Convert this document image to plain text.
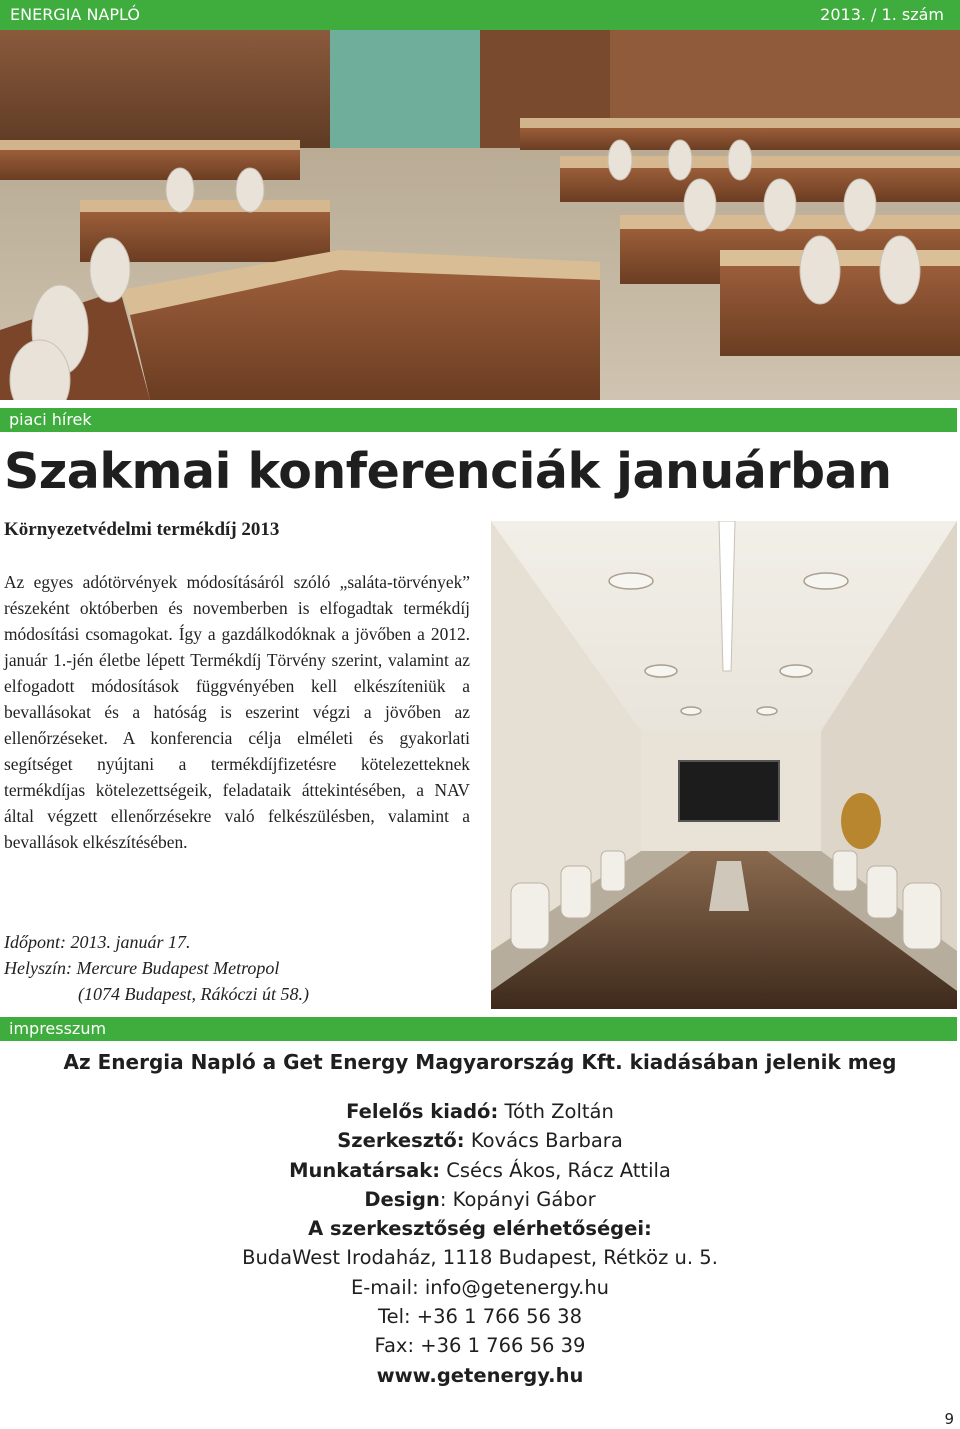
ENERGIA NAPLÓ	2013. / 1. szám
piaci hírek
Szakmai konferenciák januárban
Környezetvédelmi termékdíj 2013

Az egyes adótörvények módosításáról szóló „saláta-törvények” részeként októberben és novemberben is elfogadtak termékdíj módosítási csomagokat. Így a gazdálkodóknak a jövőben a 2012. január 1.-jén életbe lépett Termékdíj Törvény szerint, valamint az elfogadott módosítások függvényében kell elkészíteniük a bevallásokat és a hatóság is eszerint végzi a jövőben az ellenőrzéseket. A konferencia célja elméleti és gyakorlati segítséget nyújtani a termékdíjfizetésre kötelezetteknek termékdíjas kötelezettségeik, feladataik áttekintésében, a NAV által végzett ellenőrzésekre való felkészülésben, valamint a bevallások elkészítésében.

Időpont: 2013. január 17.
Helyszín: Mercure Budapest Metropol
(1074 Budapest, Rákóczi út 58.)
impresszum
Az Energia Napló a Get Energy Magyarország Kft. kiadásában jelenik meg
Felelős kiadó: Tóth Zoltán
Szerkesztő: Kovács Barbara
Munkatársak: Csécs Ákos, Rácz Attila
Design: Kopányi Gábor
A szerkesztőség elérhetőségei:
BudaWest Irodaház, 1118 Budapest, Rétköz u. 5.
E-mail: info@getenergy.hu
Tel: +36 1 766 56 38
Fax: +36 1 766 56 39
www.getenergy.hu
9
